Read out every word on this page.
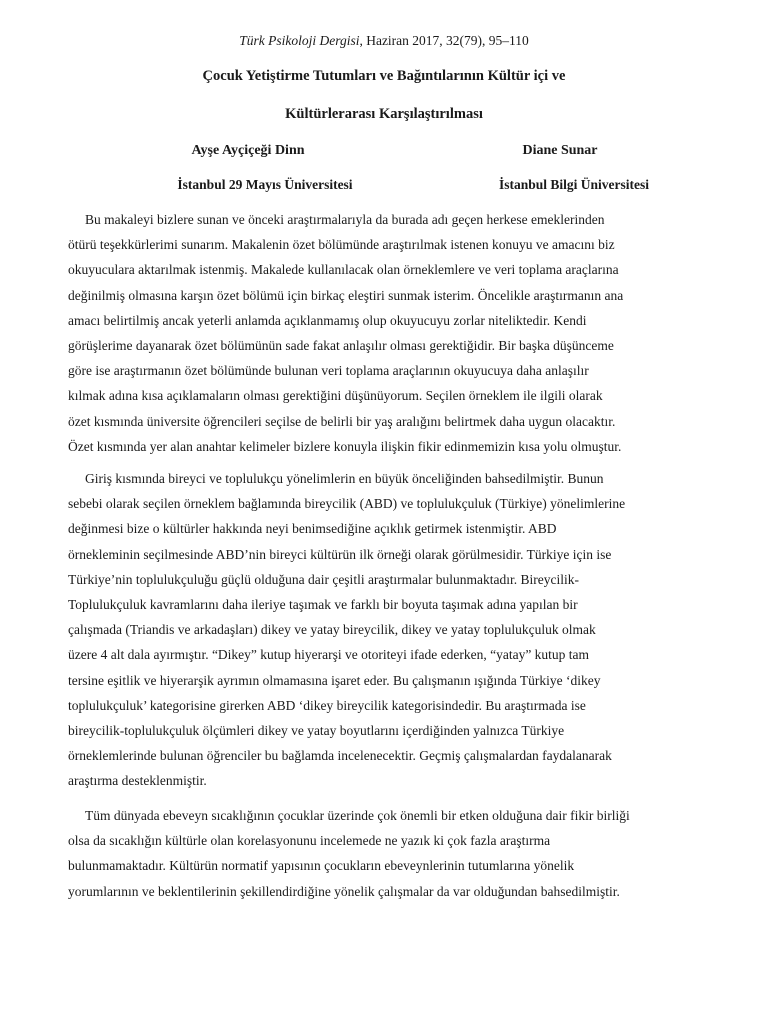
Türk Psikoloji Dergisi, Haziran 2017, 32(79), 95–110
Çocuk Yetiştirme Tutumları ve Bağıntılarının Kültür içi ve
Kültürlerarası Karşılaştırılması
Ayşe Ayçiçeği Dinn	Diane Sunar
İstanbul 29 Mayıs Üniversitesi	İstanbul Bilgi Üniversitesi
Bu makaleyi bizlere sunan ve önceki araştırmalarıyla da burada adı geçen herkese emeklerinden
ötürü teşekkürlerimi sunarım. Makalenin özet bölümünde araştırılmak istenen konuyu ve amacını biz
okuyuculara aktarılmak istenmiş. Makalede kullanılacak olan örneklemlere ve veri toplama araçlarına
değinilmiş olmasına karşın özet bölümü için birkaç eleştiri sunmak isterim. Öncelikle araştırmanın ana
amacı belirtilmiş ancak yeterli anlamda açıklanmamış olup okuyucuyu zorlar niteliktedir. Kendi
görüşlerime dayanarak özet bölümünün sade fakat anlaşılır olması gerektiğidir. Bir başka düşünceme
göre ise araştırmanın özet bölümünde bulunan veri toplama araçlarının okuyucuya daha anlaşılır
kılmak adına kısa açıklamaların olması gerektiğini düşünüyorum. Seçilen örneklem ile ilgili olarak
özet kısmında üniversite öğrencileri seçilse de belirli bir yaş aralığını belirtmek daha uygun olacaktır.
Özet kısmında yer alan anahtar kelimeler bizlere konuyla ilişkin fikir edinmemizin kısa yolu olmuştur.
Giriş kısmında bireyci ve toplulukçu yönelimlerin en büyük önceliğinden bahsedilmiştir. Bunun
sebebi olarak seçilen örneklem bağlamında bireycilik (ABD) ve toplulukçuluk (Türkiye) yönelimlerine
değinmesi bize o kültürler hakkında neyi benimsediğine açıklık getirmek istenmiştir. ABD
örnekleminin seçilmesinde ABD’nin bireyci kültürün ilk örneği olarak görülmesidir. Türkiye için ise
Türkiye’nin toplulukçuluğu güçlü olduğuna dair çeşitli araştırmalar bulunmaktadır. Bireycilik-
Toplulukçuluk kavramlarını daha ileriye taşımak ve farklı bir boyuta taşımak adına yapılan bir
çalışmada (Triandis ve arkadaşları) dikey ve yatay bireycilik, dikey ve yatay toplulukçuluk olmak
üzere 4 alt dala ayırmıştır. “Dikey” kutup hiyerarşi ve otoriteyi ifade ederken, “yatay” kutup tam
tersine eşitlik ve hiyerarşik ayrımın olmamasına işaret eder. Bu çalışmanın ışığında Türkiye ‘dikey
toplulukçuluk’ kategorisine girerken ABD ‘dikey bireycilik kategorisindedir. Bu araştırmada ise
bireycilik-toplulukçuluk ölçümleri dikey ve yatay boyutlarını içerdiğinden yalnızca Türkiye
örneklemlerinde bulunan öğrenciler bu bağlamda incelenecektir. Geçmiş çalışmalardan faydalanarak
araştırma desteklenmiştir.
Tüm dünyada ebeveyn sıcaklığının çocuklar üzerinde çok önemli bir etken olduğuna dair fikir birliği
olsa da sıcaklığın kültürle olan korelasyonunu incelemede ne yazık ki çok fazla araştırma
bulunmamaktadır. Kültürün normatif yapısının çocukların ebeveynlerinin tutumlarına yönelik
yorumlarının ve beklentilerinin şekillendirdiğine yönelik çalışmalar da var olduğundan bahsedilmiştir.
